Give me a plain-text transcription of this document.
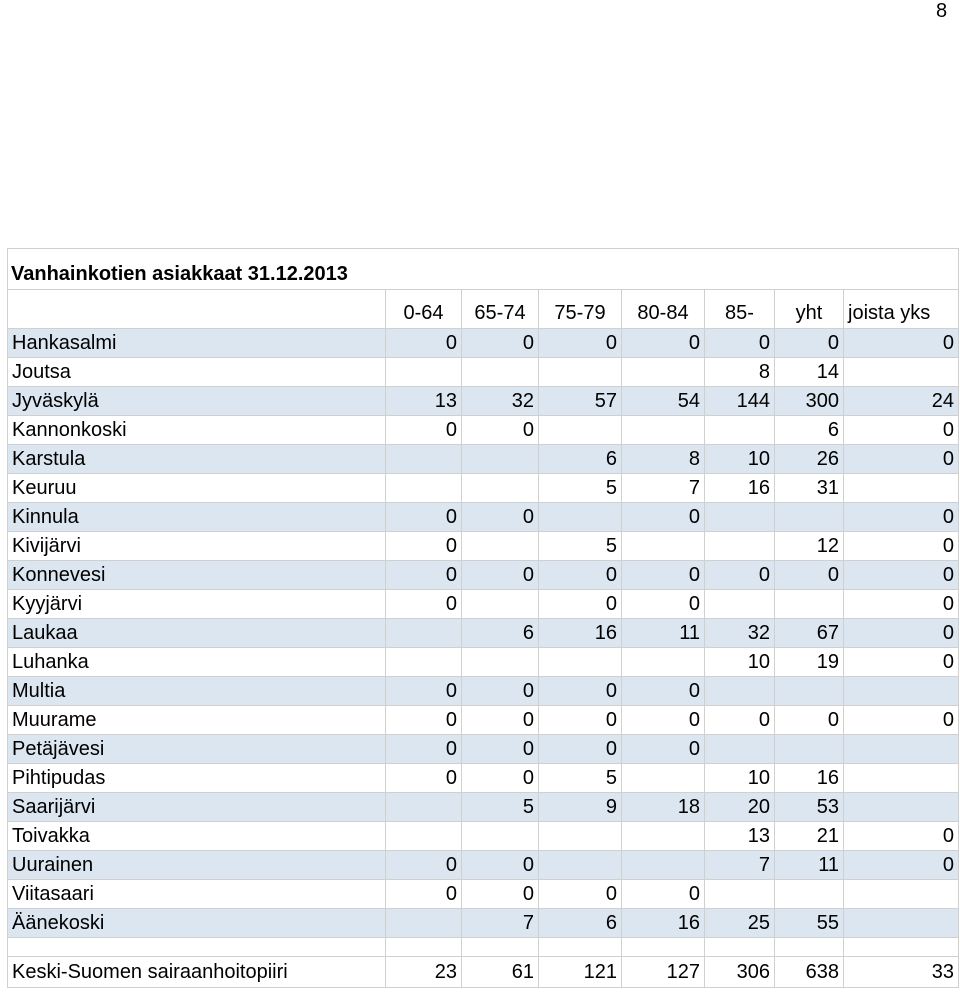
8
Vanhainkotien asiakkaat 31.12.2013							
	0-64	65-74	75-79	80-84	85-	yht	joista yks
Hankasalmi	0	0	0	0	0	0	0
Joutsa					8	14	
Jyväskylä	13	32	57	54	144	300	24
Kannonkoski	0	0				6	0
Karstula			6	8	10	26	0
Keuruu			5	7	16	31	
Kinnula	0	0		0			0
Kivijärvi	0		5			12	0
Konnevesi	0	0	0	0	0	0	0
Kyyjärvi	0		0	0			0
Laukaa		6	16	11	32	67	0
Luhanka					10	19	0
Multia	0	0	0	0			
Muurame	0	0	0	0	0	0	0
Petäjävesi	0	0	0	0			
Pihtipudas	0	0	5		10	16	
Saarijärvi		5	9	18	20	53	
Toivakka					13	21	0
Uurainen	0	0			7	11	0
Viitasaari	0	0	0	0			
Äänekoski		7	6	16	25	55	

Keski-Suomen sairaanhoitopiiri	23	61	121	127	306	638	33
